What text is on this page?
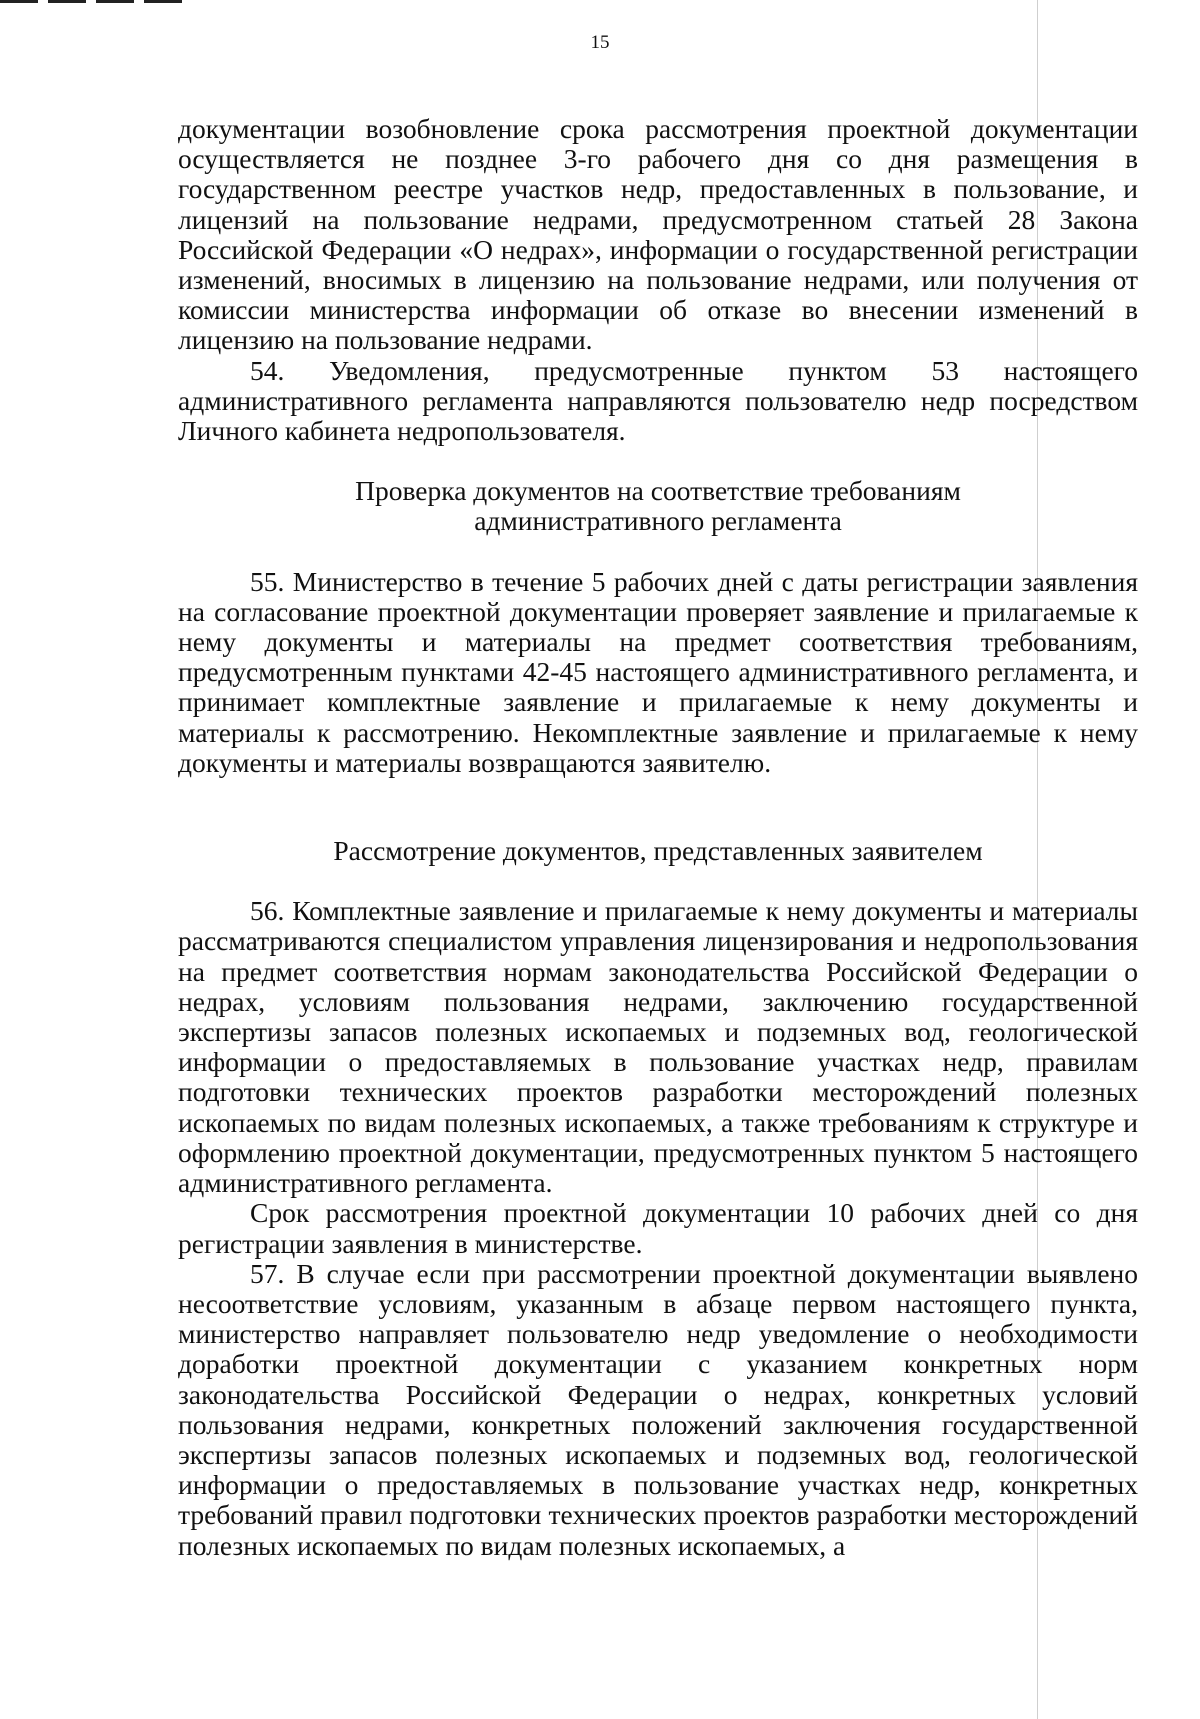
15

документации возобновление срока рассмотрения проектной документации осуществляется не позднее 3-го рабочего дня со дня размещения в государственном реестре участков недр, предоставленных в пользование, и лицензий на пользование недрами, предусмотренном статьей 28 Закона Российской Федерации «О недрах», информации о государственной регистрации изменений, вносимых в лицензию на пользование недрами, или получения от комиссии министерства информации об отказе во внесении изменений в лицензию на пользование недрами.

54. Уведомления, предусмотренные пунктом 53 настоящего административного регламента направляются пользователю недр посредством Личного кабинета недропользователя.

Проверка документов на соответствие требованиям

административного регламента

55. Министерство в течение 5 рабочих дней с даты регистрации заявления на согласование проектной документации проверяет заявление и прилагаемые к нему документы и материалы на предмет соответствия требованиям, предусмотренным пунктами 42-45 настоящего административного регламента, и принимает комплектные заявление и прилагаемые к нему документы и материалы к рассмотрению. Некомплектные заявление и прилагаемые к нему документы и материалы возвращаются заявителю.

Рассмотрение документов, представленных заявителем

56. Комплектные заявление и прилагаемые к нему документы и материалы рассматриваются специалистом управления лицензирования и недропользования на предмет соответствия нормам законодательства Российской Федерации о недрах, условиям пользования недрами, заключению государственной экспертизы запасов полезных ископаемых и подземных вод, геологической информации о предоставляемых в пользование участках недр, правилам подготовки технических проектов разработки месторождений полезных ископаемых по видам полезных ископаемых, а также требованиям к структуре и оформлению проектной документации, предусмотренных пунктом 5 настоящего административного регламента.

Срок рассмотрения проектной документации 10 рабочих дней со дня регистрации заявления в министерстве.

57. В случае если при рассмотрении проектной документации выявлено несоответствие условиям, указанным в абзаце первом настоящего пункта, министерство направляет пользователю недр уведомление о необходимости доработки проектной документации с указанием конкретных норм законодательства Российской Федерации о недрах, конкретных условий пользования недрами, конкретных положений заключения государственной экспертизы запасов полезных ископаемых и подземных вод, геологической информации о предоставляемых в пользование участках недр, конкретных требований правил подготовки технических проектов разработки месторождений полезных ископаемых по видам полезных ископаемых, а
